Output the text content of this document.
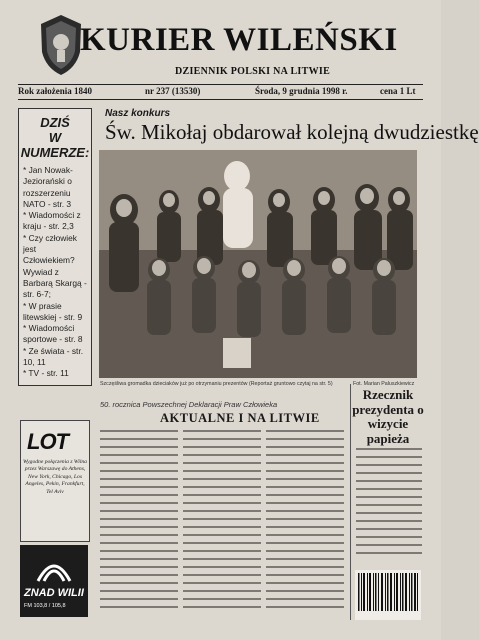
KURIER WILEŃSKI
DZIENNIK POLSKI NA LITWIE
Rok założenia 1840	nr 237 (13530)	Środa, 9 grudnia 1998 r.	cena 1 Lt
DZIŚ
W
NUMERZE:
* Jan Nowak-Jeziorański o rozszerzeniu NATO - str. 3
* Wiadomości z kraju - str. 2,3
* Czy człowiek jest Człowiekiem? Wywiad z Barbarą Skargą - str. 6-7;
* W prasie litewskiej - str. 9
* Wiadomości sportowe - str. 8
* Ze świata - str. 10, 11
* TV - str. 11
LOT
Wygodne połączenia z Wilna przez Warszawę do Athens, New York, Chicago, Los Angeles, Pekin, Frankfurt, Tel Aviv
ZNAD WILII
FM 103,8 / 105,8
Nasz konkurs
Św. Mikołaj obdarował kolejną dwudziestkę
Szczęśliwa gromadka dzieciaków już po otrzymaniu prezentów (Reportaż gruntowo czytaj na str. 5)	Fot. Marian Paluszkiewicz
50. rocznica Powszechnej Deklaracji Praw Człowieka
AKTUALNE I NA LITWIE
Rzecznik prezydenta o wizycie papieża
